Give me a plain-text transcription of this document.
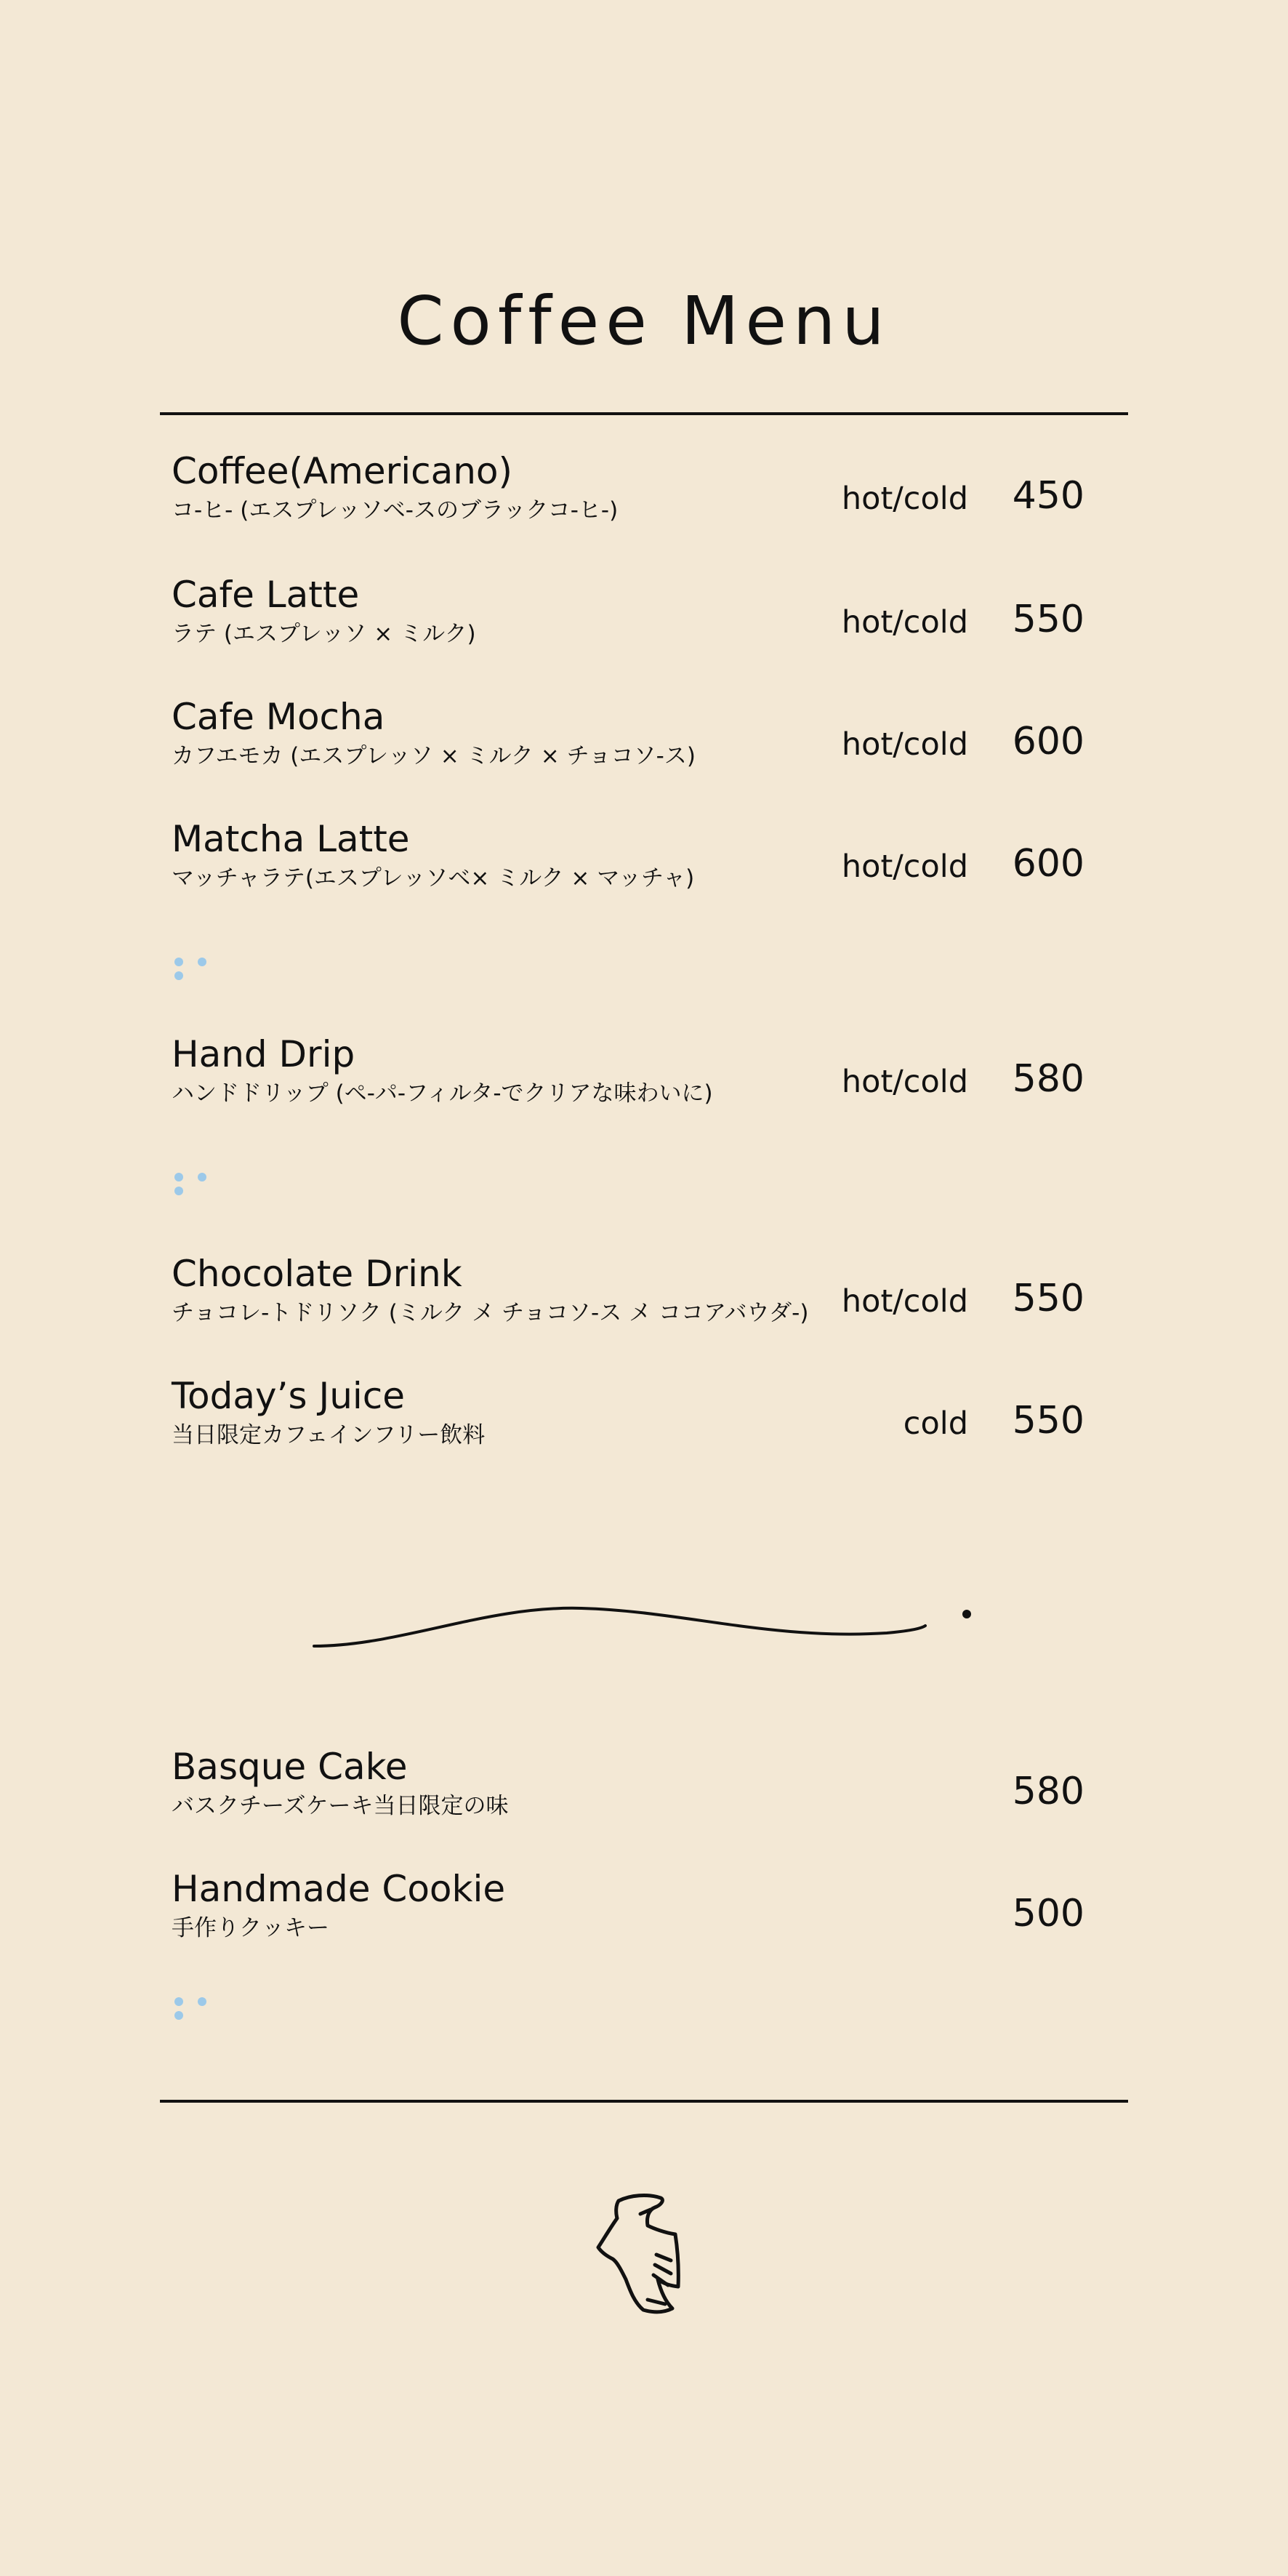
Coffee Menu
Coffee(Americano)
コ-ヒ- (エスプレッソベ-スのブラックコ-ヒ-)	hot/cold 450
Cafe Latte
ラテ (エスプレッソ × ミルク)	hot/cold 550
Cafe Mocha
カフエモカ (エスプレッソ × ミルク × チョコソ-ス)	hot/cold 600
Matcha Latte
マッチャラテ(エスプレッソベ× ミルク × マッチャ)	hot/cold 600
Hand Drip
ハンドドリップ (ペ-パ-フィルタ-でクリアな味わいに)	hot/cold 580
Chocolate Drink
チョコレ-トドリソク (ミルク メ チョコソ-ス メ ココアバウダ-) hot/cold 550
Today’s Juice
当日限定カフェインフリー飲料	cold 550
Basque Cake
バスクチーズケーキ当日限定の味	580
Handmade Cookie
手作りクッキー	500
